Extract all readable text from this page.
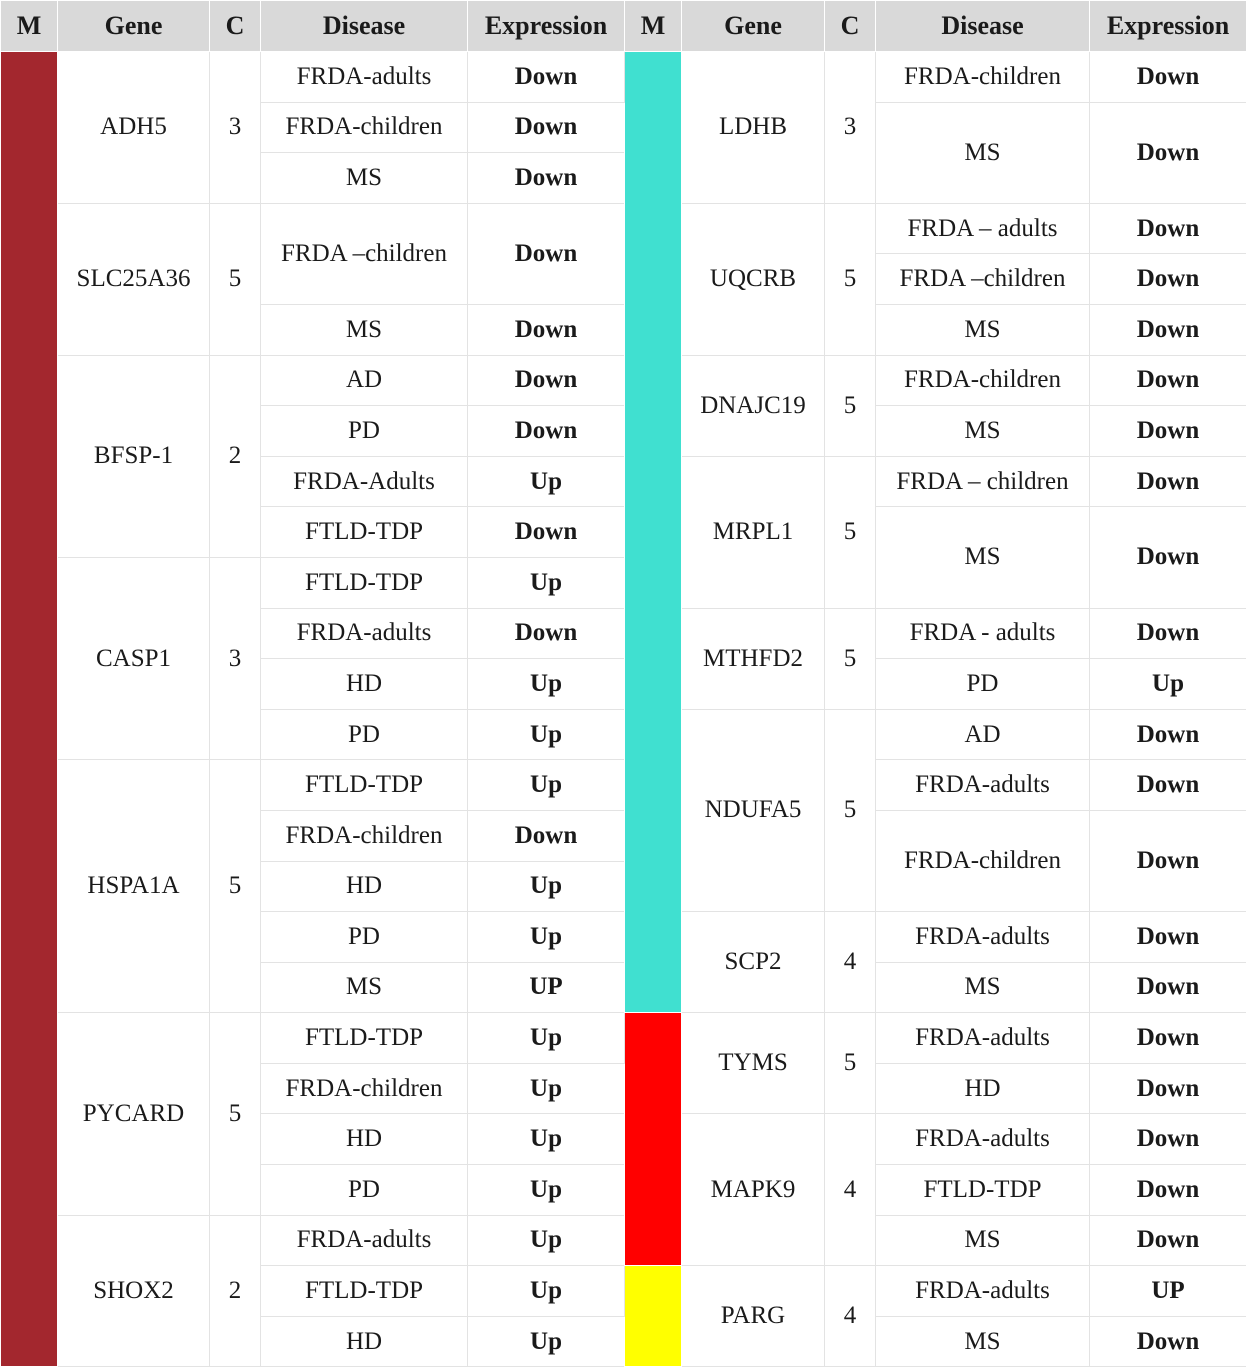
M	Gene	C	Disease	Expression	M	Gene	C	Disease	Expression
	ADH5	3	FRDA-adults	Down		LDHB	3	FRDA-children	Down
			FRDA-children	Down				MS	Down
			MS	Down					
	SLC25A36	5	FRDA –children	Down		UQCRB	5	FRDA – adults	Down
								FRDA –children	Down
			MS	Down				MS	Down
	BFSP-1	2	AD	Down		DNAJC19	5	FRDA-children	Down
			PD	Down				MS	Down
			FRDA-Adults	Up		MRPL1	5	FRDA – children	Down
			FTLD-TDP	Down				MS	Down
	CASP1	3	FTLD-TDP	Up					
			FRDA-adults	Down		MTHFD2	5	FRDA - adults	Down
			HD	Up				PD	Up
			PD	Up		NDUFA5	5	AD	Down
	HSPA1A	5	FTLD-TDP	Up				FRDA-adults	Down
			FRDA-children	Down				FRDA-children	Down
			HD	Up					
			PD	Up		SCP2	4	FRDA-adults	Down
			MS	UP				MS	Down
	PYCARD	5	FTLD-TDP	Up		TYMS	5	FRDA-adults	Down
			FRDA-children	Up				HD	Down
			HD	Up		MAPK9	4	FRDA-adults	Down
			PD	Up				FTLD-TDP	Down
	SHOX2	2	FRDA-adults	Up				MS	Down
			FTLD-TDP	Up		PARG	4	FRDA-adults	UP
			HD	Up				MS	Down
